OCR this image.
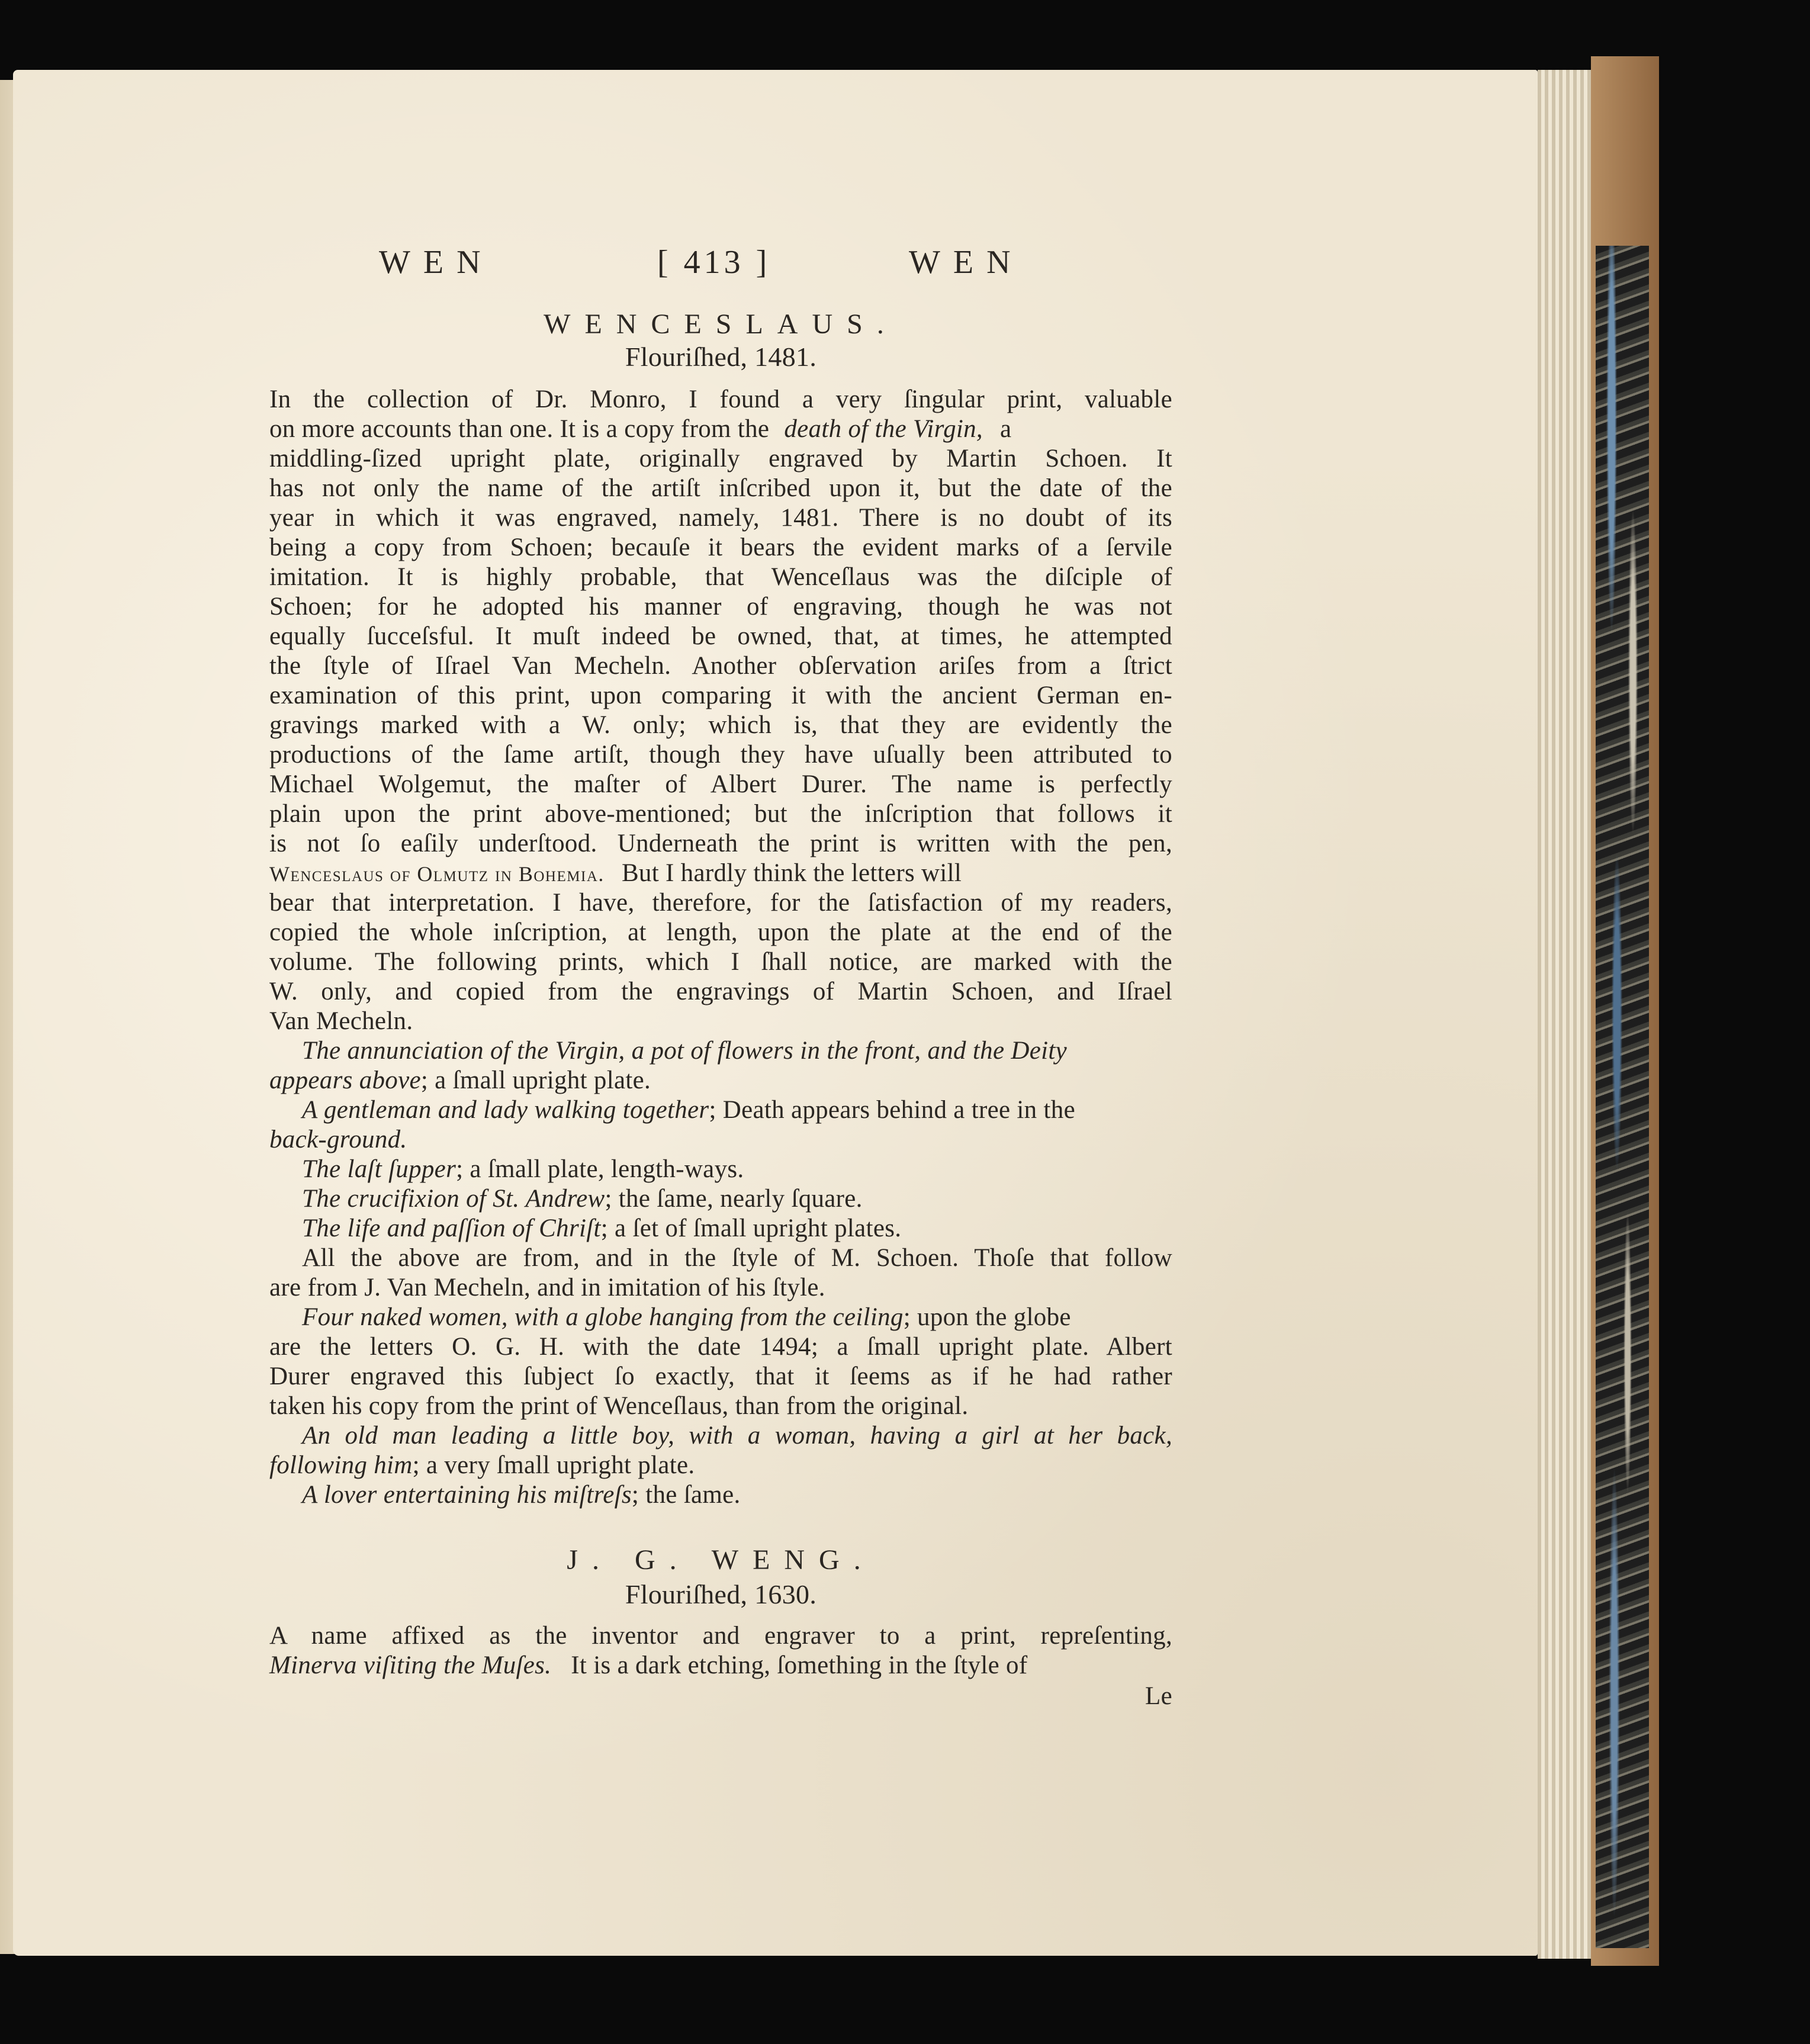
WEN	[ 413 ]	WEN
WENCESLAUS.
Flouriſhed, 1481.
In the collection of Dr. Monro, I found a very ſingular print, valuable
on more accounts than one. It is a copy from the death of the Virgin, a
middling-ſized upright plate, originally engraved by Martin Schoen. It
has not only the name of the artiſt inſcribed upon it, but the date of the
year in which it was engraved, namely, 1481. There is no doubt of its
being a copy from Schoen; becauſe it bears the evident marks of a ſervile
imitation. It is highly probable, that Wenceſlaus was the diſciple of
Schoen; for he adopted his manner of engraving, though he was not
equally ſucceſsful. It muſt indeed be owned, that, at times, he attempted
the ſtyle of Iſrael Van Mecheln. Another obſervation ariſes from a ſtrict
examination of this print, upon comparing it with the ancient German en-
gravings marked with a W. only; which is, that they are evidently the
productions of the ſame artiſt, though they have uſually been attributed to
Michael Wolgemut, the maſter of Albert Durer. The name is perfectly
plain upon the print above-mentioned; but the inſcription that follows it
is not ſo eaſily underſtood. Underneath the print is written with the pen,
Wenceslaus of Olmutz in Bohemia. But I hardly think the letters will
bear that interpretation. I have, therefore, for the ſatisfaction of my readers,
copied the whole inſcription, at length, upon the plate at the end of the
volume. The following prints, which I ſhall notice, are marked with the
W. only, and copied from the engravings of Martin Schoen, and Iſrael
Van Mecheln.
The annunciation of the Virgin, a pot of flowers in the front, and the Deity
appears above; a ſmall upright plate.
A gentleman and lady walking together; Death appears behind a tree in the
back-ground.
The laſt ſupper; a ſmall plate, length-ways.
The crucifixion of St. Andrew; the ſame, nearly ſquare.
The life and paſſion of Chriſt; a ſet of ſmall upright plates.
All the above are from, and in the ſtyle of M. Schoen. Thoſe that follow
are from J. Van Mecheln, and in imitation of his ſtyle.
Four naked women, with a globe hanging from the ceiling; upon the globe
are the letters O. G. H. with the date 1494; a ſmall upright plate. Albert
Durer engraved this ſubject ſo exactly, that it ſeems as if he had rather
taken his copy from the print of Wenceſlaus, than from the original.
An old man leading a little boy, with a woman, having a girl at her back,
following him; a very ſmall upright plate.
A lover entertaining his miſtreſs; the ſame.
J. G. WENG.
Flouriſhed, 1630.
A name affixed as the inventor and engraver to a print, repreſenting,
Minerva viſiting the Muſes. It is a dark etching, ſomething in the ſtyle of
Le
